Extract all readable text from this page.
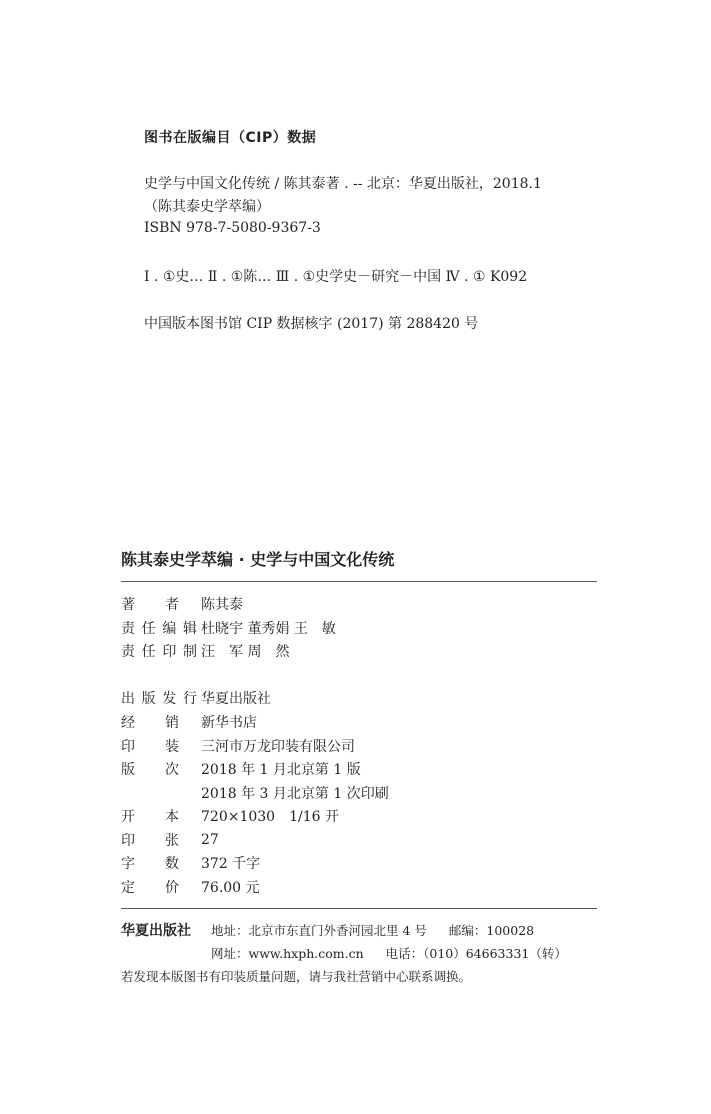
图书在版编目（CIP）数据
史学与中国文化传统 / 陈其泰著 . -- 北京：华夏出版社，2018.1
（陈其泰史学萃编）
ISBN 978-7-5080-9367-3
Ⅰ . ①史… Ⅱ . ①陈… Ⅲ . ①史学史－研究－中国 Ⅳ . ① K092
中国版本图书馆 CIP 数据核字 (2017) 第 288420 号
陈其泰史学萃编 · 史学与中国文化传统
著 者 陈其泰
责任编辑 杜晓宇 董秀娟 王　敏
责任印制 汪　军 周　然
出版发行 华夏出版社
经 销 新华书店
印 装 三河市万龙印装有限公司
版 次 2018 年 1 月北京第 1 版
2018 年 3 月北京第 1 次印刷
开 本 720×1030　1/16 开
印 张 27
字 数 372 千字
定 价 76.00 元
华夏出版社 地址：北京市东直门外香河园北里 4 号 邮编：100028
网址：www.hxph.com.cn 电话：（010）64663331（转）
若发现本版图书有印装质量问题，请与我社营销中心联系调换。
